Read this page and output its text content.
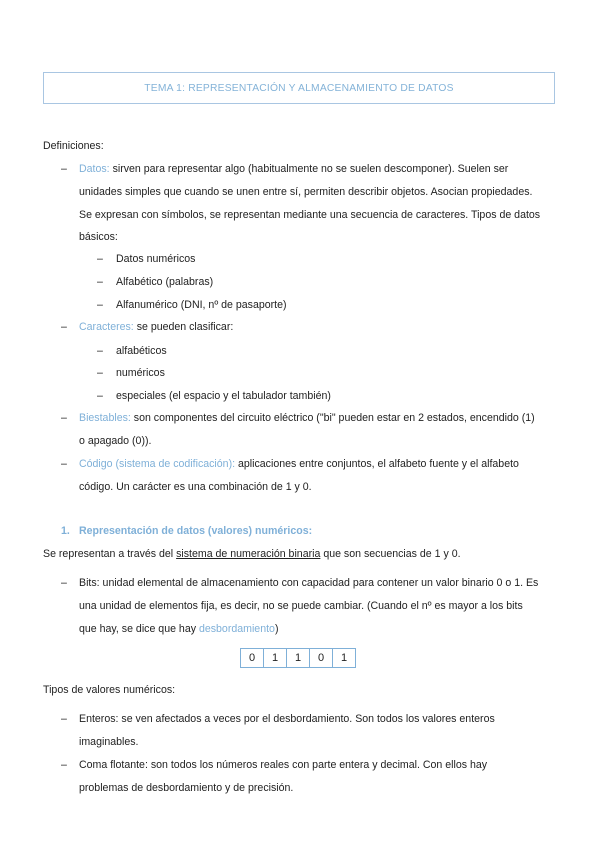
TEMA 1: REPRESENTACIÓN Y ALMACENAMIENTO DE DATOS
Definiciones:
– Datos: sirven para representar algo (habitualmente no se suelen descomponer). Suelen ser
unidades simples que cuando se unen entre sí, permiten describir objetos. Asocian propiedades.
Se expresan con símbolos, se representan mediante una secuencia de caracteres. Tipos de datos
básicos:
– Datos numéricos
– Alfabético (palabras)
– Alfanumérico (DNI, nº de pasaporte)
– Caracteres: se pueden clasificar:
– alfabéticos
– numéricos
– especiales (el espacio y el tabulador también)
– Biestables: son componentes del circuito eléctrico ("bi" pueden estar en 2 estados, encendido (1)
o apagado (0)).
– Código (sistema de codificación): aplicaciones entre conjuntos, el alfabeto fuente y el alfabeto
código. Un carácter es una combinación de 1 y 0.
1. Representación de datos (valores) numéricos:
Se representan a través del sistema de numeración binaria que son secuencias de 1 y 0.
– Bits: unidad elemental de almacenamiento con capacidad para contener un valor binario 0 o 1. Es
una unidad de elementos fija, es decir, no se puede cambiar. (Cuando el nº es mayor a los bits
que hay, se dice que hay desbordamiento)
0	1	1	0	1
Tipos de valores numéricos:
– Enteros: se ven afectados a veces por el desbordamiento. Son todos los valores enteros
imaginables.
– Coma flotante: son todos los números reales con parte entera y decimal. Con ellos hay
problemas de desbordamiento y de precisión.
